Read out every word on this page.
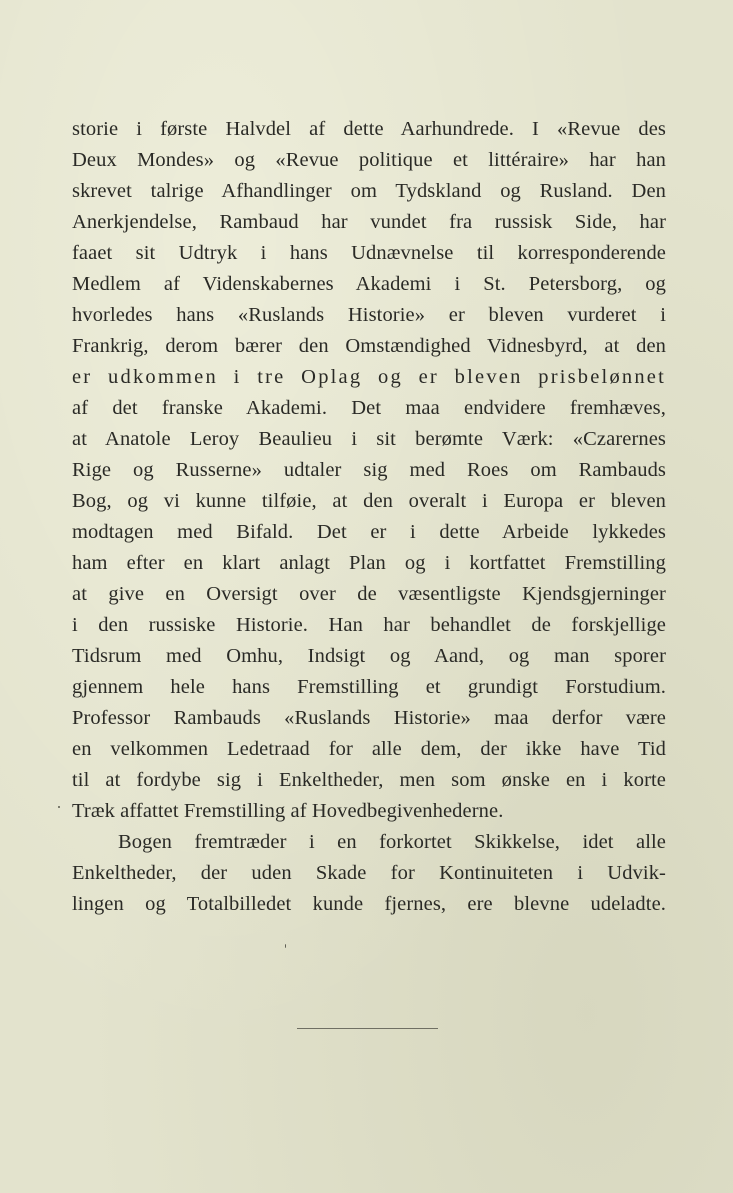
storie i første Halvdel af dette Aarhundrede. I «Revue des
Deux Mondes» og «Revue politique et littéraire» har han
skrevet talrige Afhandlinger om Tydskland og Rusland. Den
Anerkjendelse, Rambaud har vundet fra russisk Side, har
faaet sit Udtryk i hans Udnævnelse til korresponderende
Medlem af Videnskabernes Akademi i St. Petersborg, og
hvorledes hans «Ruslands Historie» er bleven vurderet i
Frankrig, derom bærer den Omstændighed Vidnesbyrd, at den
er udkommen i tre Oplag og er bleven prisbelønnet
af det franske Akademi. Det maa endvidere fremhæves,
at Anatole Leroy Beaulieu i sit berømte Værk: «Czarernes
Rige og Russerne» udtaler sig med Roes om Rambauds
Bog, og vi kunne tilføie, at den overalt i Europa er bleven
modtagen med Bifald. Det er i dette Arbeide lykkedes
ham efter en klart anlagt Plan og i kortfattet Fremstilling
at give en Oversigt over de væsentligste Kjendsgjerninger
i den russiske Historie. Han har behandlet de forskjellige
Tidsrum med Omhu, Indsigt og Aand, og man sporer
gjennem hele hans Fremstilling et grundigt Forstudium.
Professor Rambauds «Ruslands Historie» maa derfor være
en velkommen Ledetraad for alle dem, der ikke have Tid
til at fordybe sig i Enkeltheder, men som ønske en i korte
Træk affattet Fremstilling af Hovedbegivenhederne.
Bogen fremtræder i en forkortet Skikkelse, idet alle
Enkeltheder, der uden Skade for Kontinuiteten i Udvik-
lingen og Totalbilledet kunde fjernes, ere blevne udeladte.
